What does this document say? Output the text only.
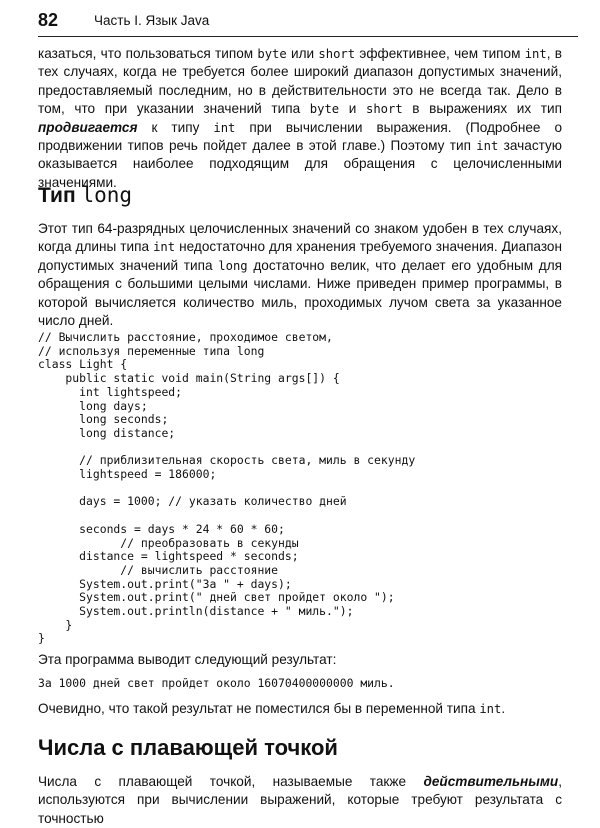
82	Часть I. Язык Java

казаться, что пользоваться типом byte или short эффективнее, чем типом int, в тех случаях, когда не требуется более широкий диапазон допустимых значений, предоставляемый последним, но в действительности это не всегда так. Дело в том, что при указании значений типа byte и short в выражениях их тип продвигается к типу int при вычислении выражения. (Подробнее о продвижении типов речь пойдет далее в этой главе.) Поэтому тип int зачастую оказывается наиболее подходящим для обращения с целочисленными значениями.

Тип long

Этот тип 64-разрядных целочисленных значений со знаком удобен в тех случаях, когда длины типа int недостаточно для хранения требуемого значения. Диапазон допустимых значений типа long достаточно велик, что делает его удобным для обращения с большими целыми числами. Ниже приведен пример программы, в которой вычисляется количество миль, проходимых лучом света за указанное число дней.

// Вычислить расстояние, проходимое светом,
// используя переменные типа long
class Light {
public static void main(String args[]) {
int lightspeed;
long days;
long seconds;
long distance;

// приблизительная скорость света, миль в секунду
lightspeed = 186000;

days = 1000; // указать количество дней

seconds = days * 24 * 60 * 60;
// преобразовать в секунды
distance = lightspeed * seconds;
// вычислить расстояние
System.out.print("За " + days);
System.out.print(" дней свет пройдет около ");
System.out.println(distance + " миль.");
}
}

Эта программа выводит следующий результат:

За 1000 дней свет пройдет около 16070400000000 миль.

Очевидно, что такой результат не поместился бы в переменной типа int.

Числа с плавающей точкой

Числа с плавающей точкой, называемые также действительными, используются при вычислении выражений, которые требуют результата с точностью
